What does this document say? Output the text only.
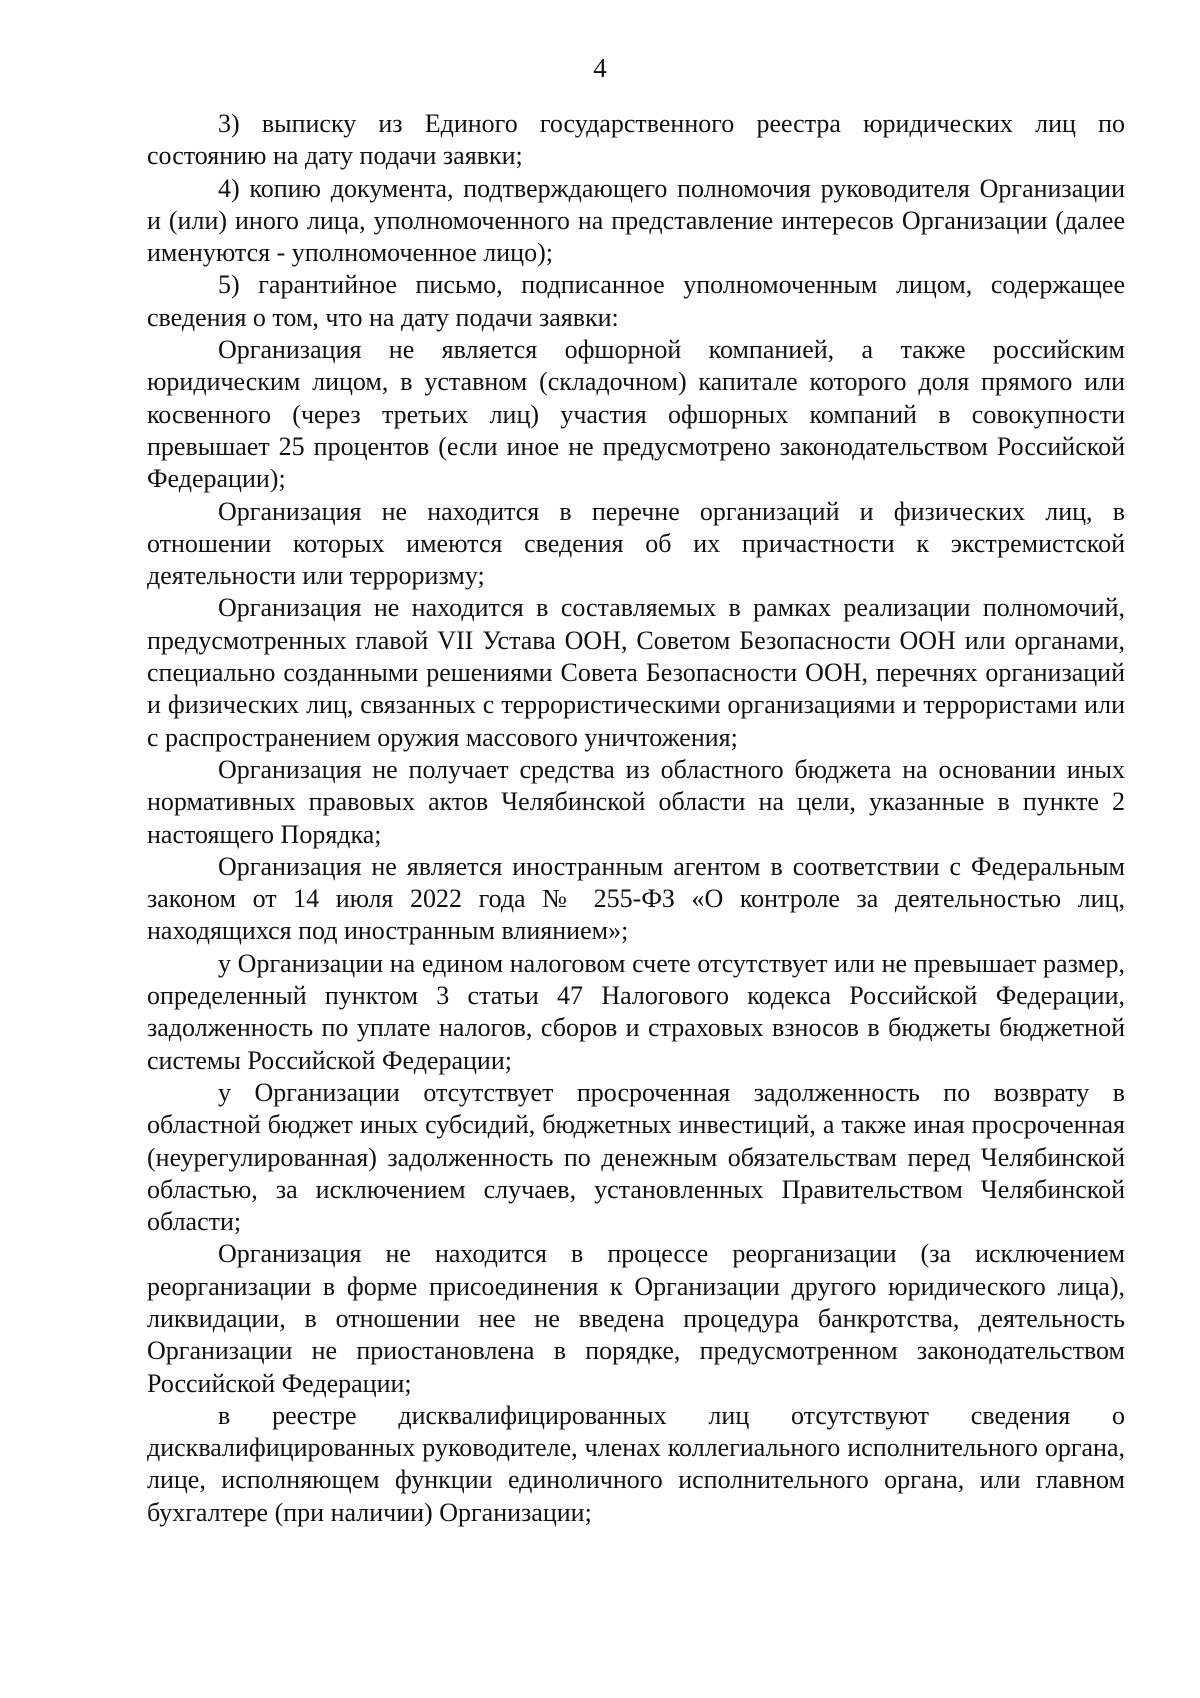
4

3) выписку из Единого государственного реестра юридических лиц по состоянию на дату подачи заявки;

4) копию документа, подтверждающего полномочия руководителя Организации и (или) иного лица, уполномоченного на представление интересов Организации (далее именуются - уполномоченное лицо);

5) гарантийное письмо, подписанное уполномоченным лицом, содержащее сведения о том, что на дату подачи заявки:

Организация не является офшорной компанией, а также российским юридическим лицом, в уставном (складочном) капитале которого доля прямого или косвенного (через третьих лиц) участия офшорных компаний в совокупности превышает 25 процентов (если иное не предусмотрено законодательством Российской Федерации);

Организация не находится в перечне организаций и физических лиц, в отношении которых имеются сведения об их причастности к экстремистской деятельности или терроризму;

Организация не находится в составляемых в рамках реализации полномочий, предусмотренных главой VII Устава ООН, Советом Безопасности ООН или органами, специально созданными решениями Совета Безопасности ООН, перечнях организаций и физических лиц, связанных с террористическими организациями и террористами или с распространением оружия массового уничтожения;

Организация не получает средства из областного бюджета на основании иных нормативных правовых актов Челябинской области на цели, указанные в пункте 2 настоящего Порядка;

Организация не является иностранным агентом в соответствии с Федеральным законом от 14 июля 2022 года № 255-ФЗ «О контроле за деятельностью лиц, находящихся под иностранным влиянием»;

у Организации на едином налоговом счете отсутствует или не превышает размер, определенный пунктом 3 статьи 47 Налогового кодекса Российской Федерации, задолженность по уплате налогов, сборов и страховых взносов в бюджеты бюджетной системы Российской Федерации;

у Организации отсутствует просроченная задолженность по возврату в областной бюджет иных субсидий, бюджетных инвестиций, а также иная просроченная (неурегулированная) задолженность по денежным обязательствам перед Челябинской областью, за исключением случаев, установленных Правительством Челябинской области;

Организация не находится в процессе реорганизации (за исключением реорганизации в форме присоединения к Организации другого юридического лица), ликвидации, в отношении нее не введена процедура банкротства, деятельность Организации не приостановлена в порядке, предусмотренном законодательством Российской Федерации;

в реестре дисквалифицированных лиц отсутствуют сведения о дисквалифицированных руководителе, членах коллегиального исполнительного органа, лице, исполняющем функции единоличного исполнительного органа, или главном бухгалтере (при наличии) Организации;
